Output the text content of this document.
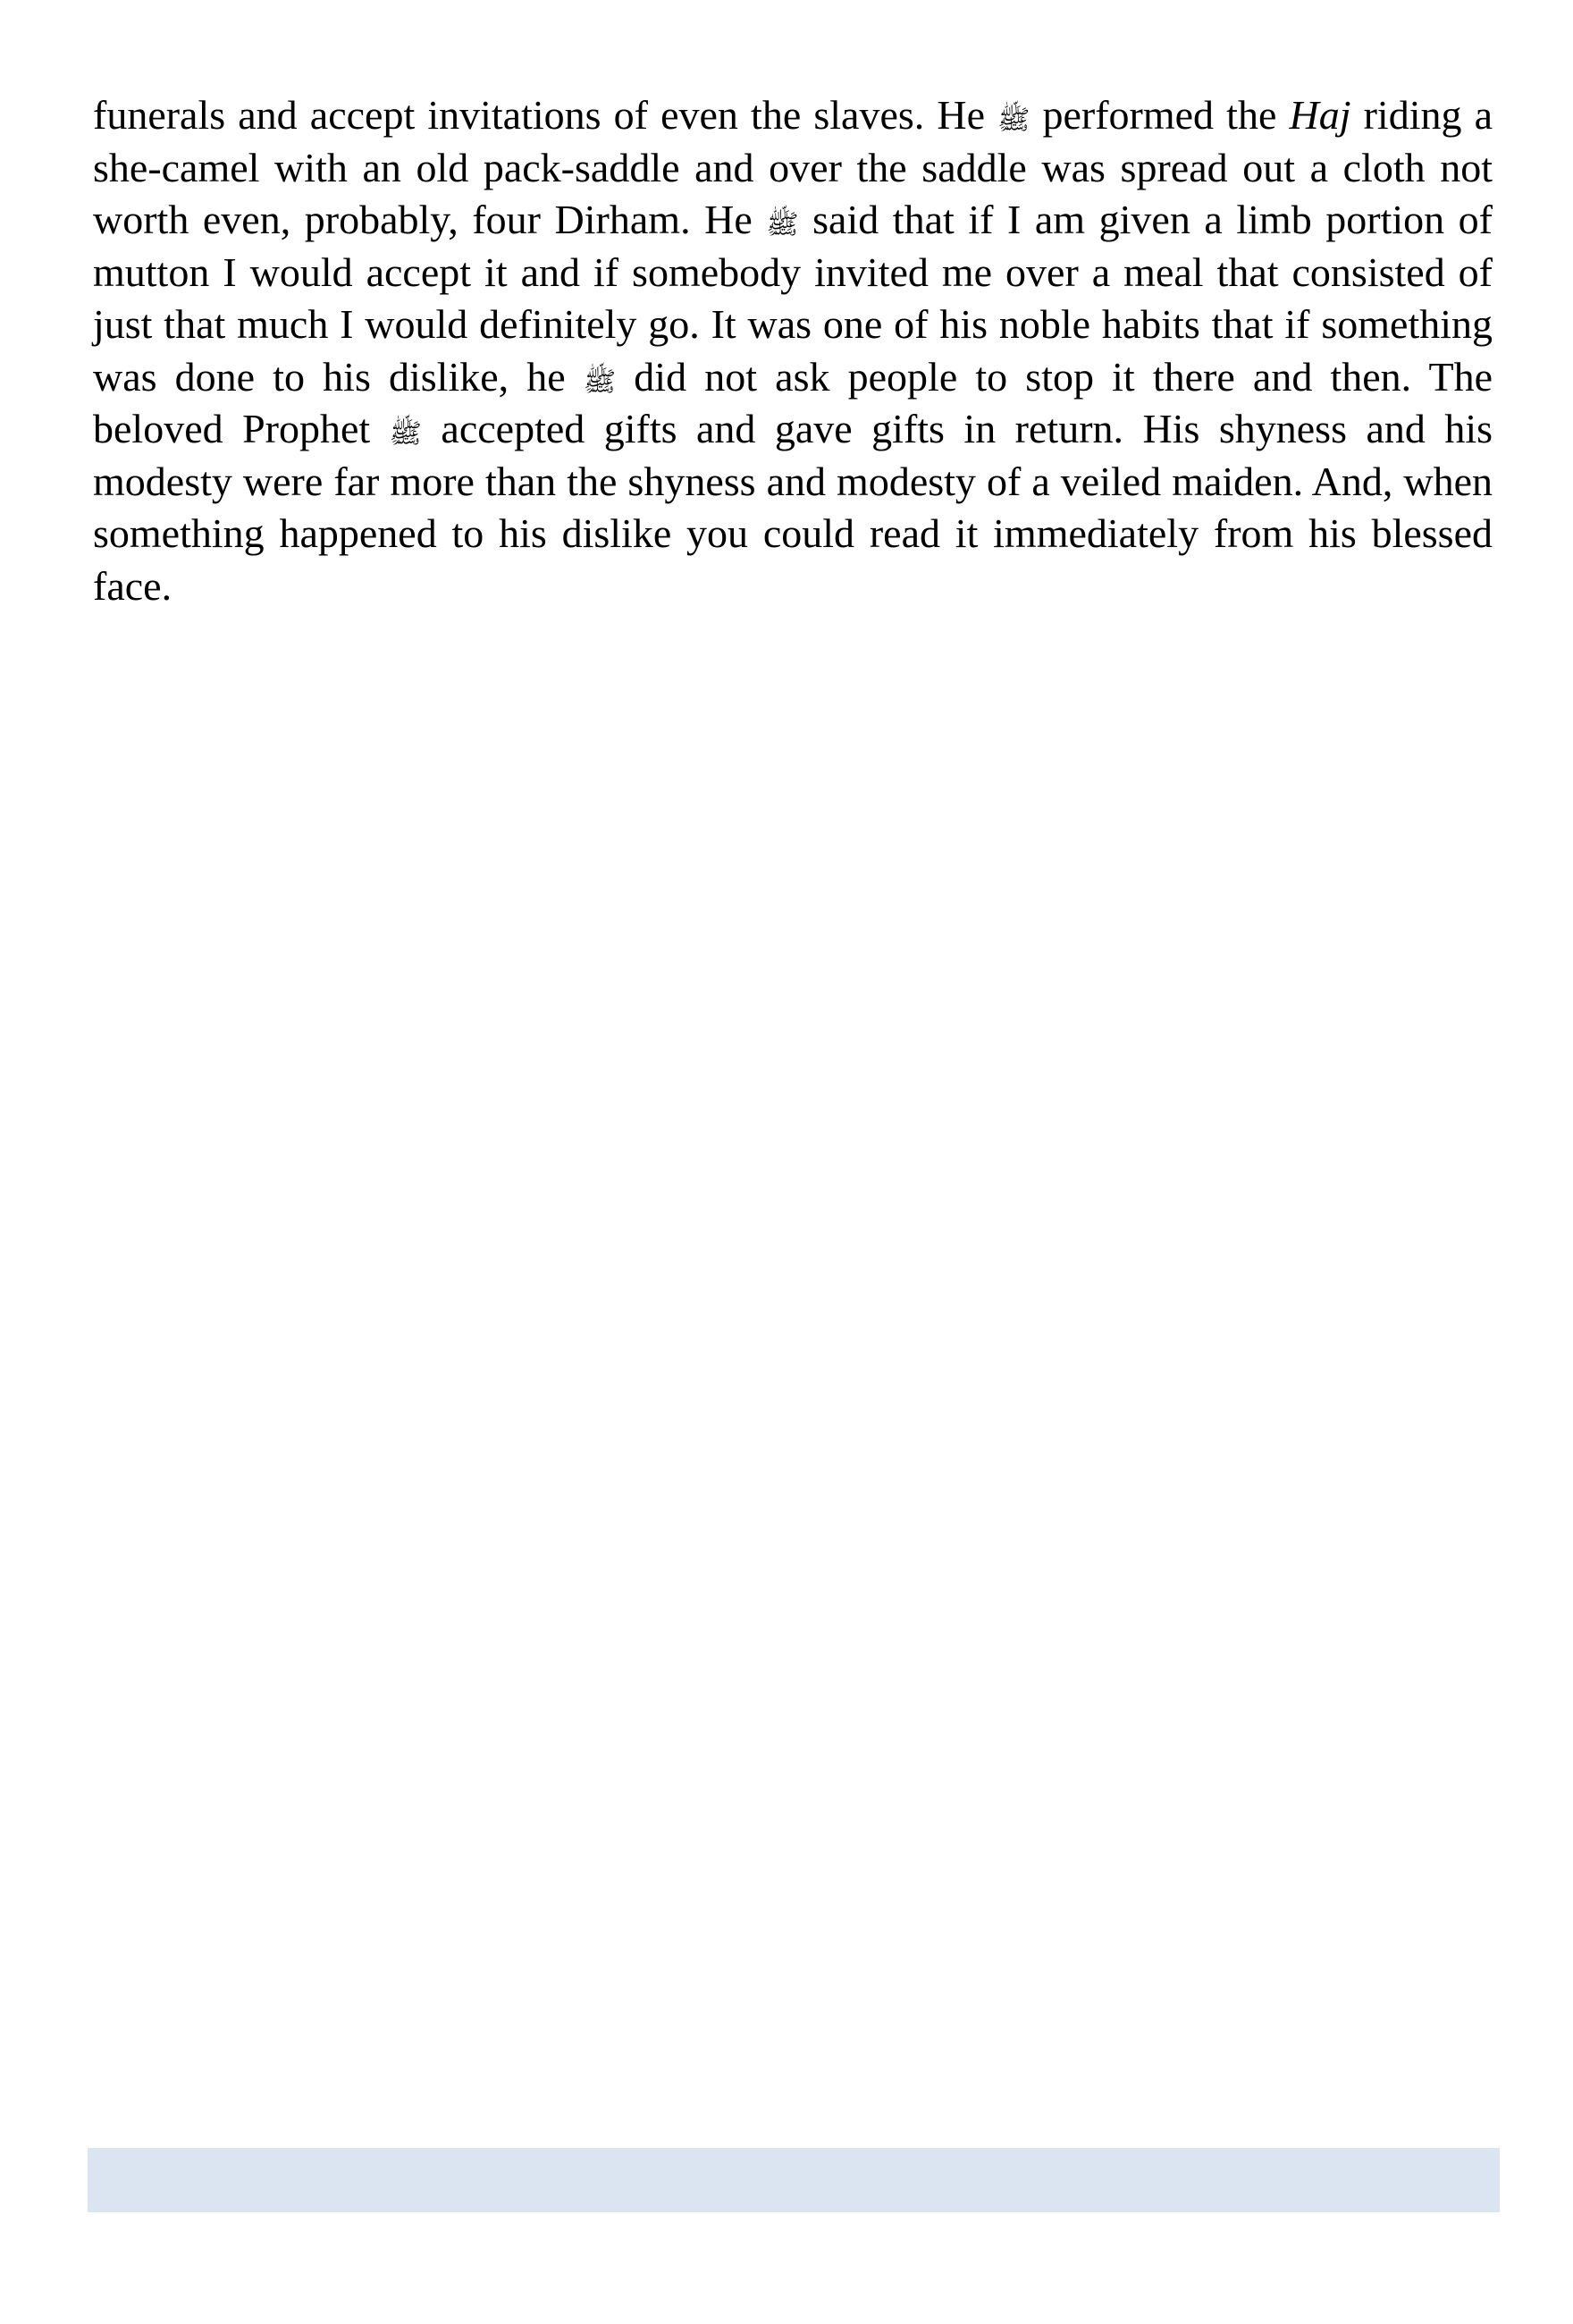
funerals and accept invitations of even the slaves. He ﷺ performed the Haj riding a she-camel with an old pack-saddle and over the saddle was spread out a cloth not worth even, probably, four Dirham. He ﷺ said that if I am given a limb portion of mutton I would accept it and if somebody invited me over a meal that consisted of just that much I would definitely go. It was one of his noble habits that if something was done to his dislike, he ﷺ did not ask people to stop it there and then. The beloved Prophet ﷺ accepted gifts and gave gifts in return. His shyness and his modesty were far more than the shyness and modesty of a veiled maiden. And, when something happened to his dislike you could read it immediately from his blessed face.
